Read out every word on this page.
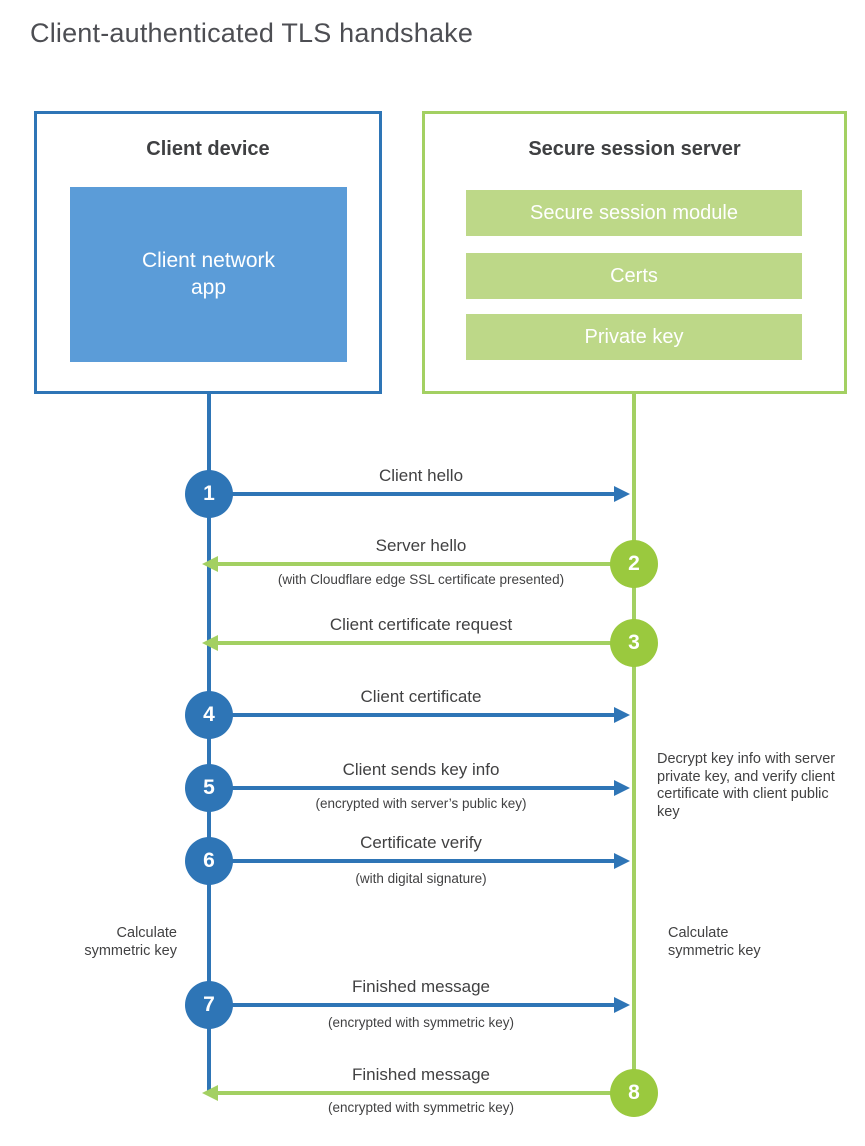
Client-authenticated TLS handshake
Client device
Client network app
Secure session server
Secure session module
Certs
Private key
Client hello
1
Server hello
(with Cloudflare edge SSL certificate presented)
2
Client certificate request
3
Client certificate
4
Client sends key info
(encrypted with server’s public key)
5
Certificate verify
(with digital signature)
6
Finished message
(encrypted with symmetric key)
7
Finished message
(encrypted with symmetric key)
8
Calculate symmetric key
Calculate symmetric key
Decrypt key info with server private key, and verify client certificate with client public key
